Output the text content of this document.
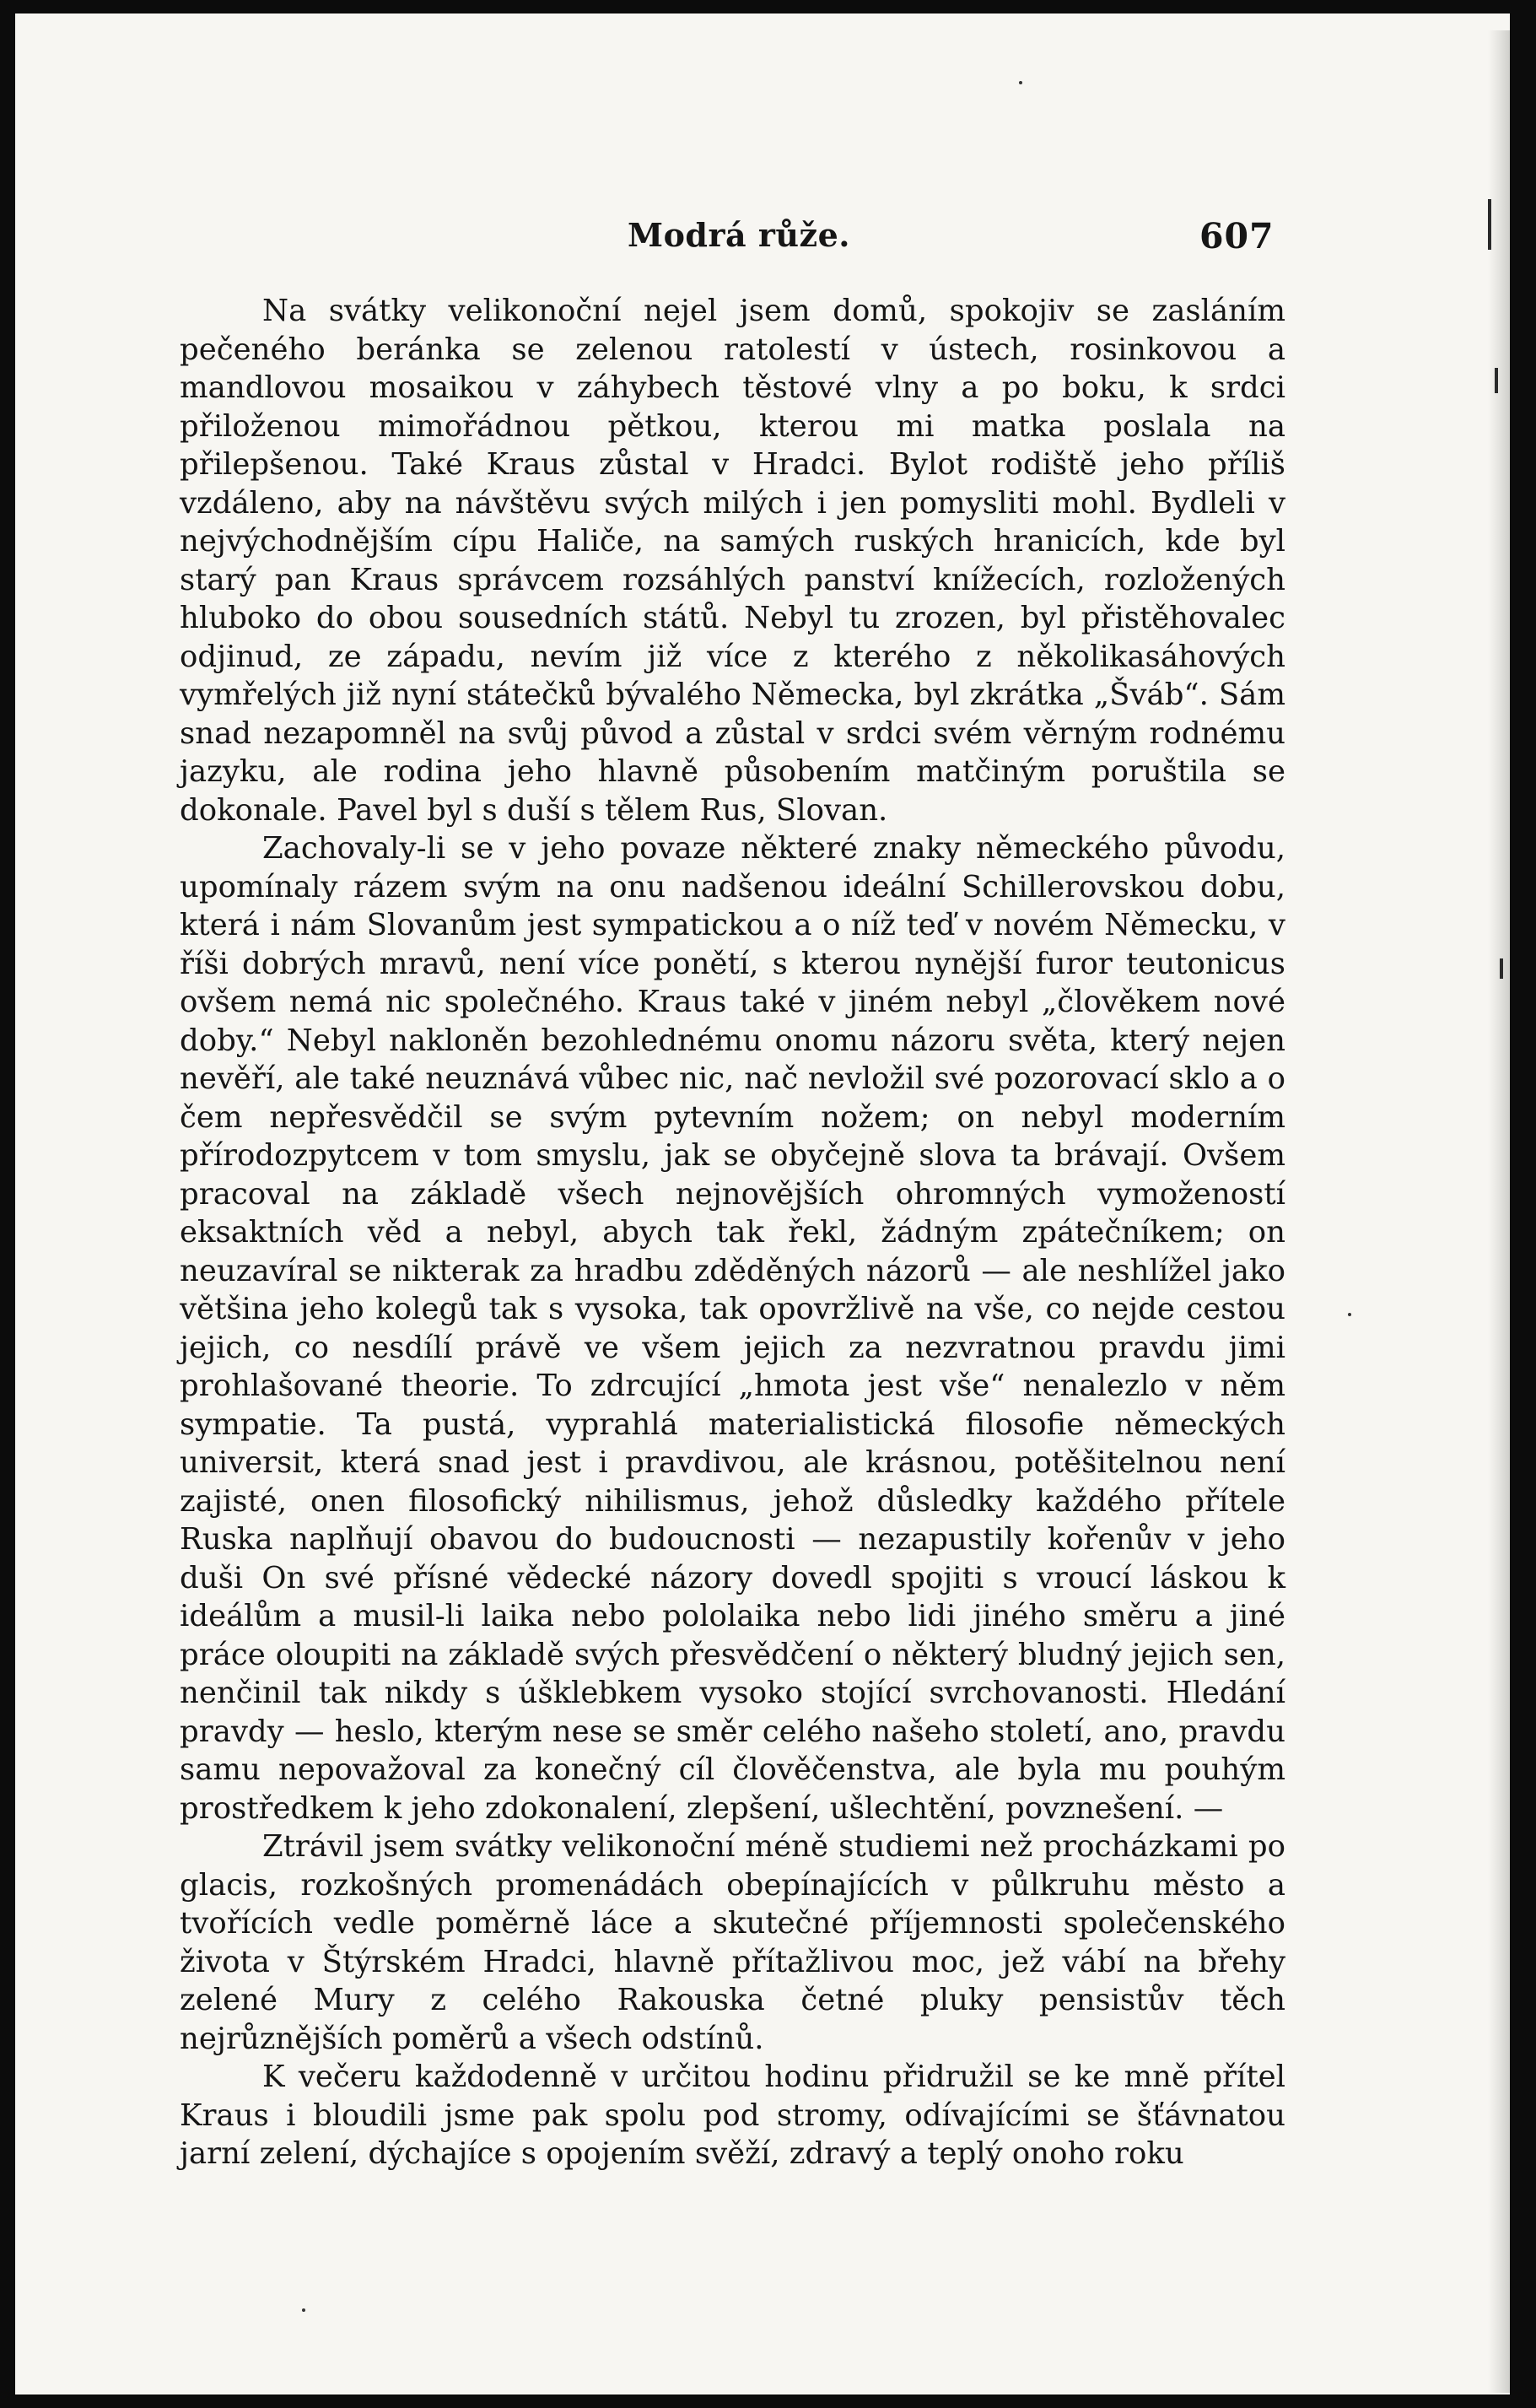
Modrá růže.	607

Na svátky velikonoční nejel jsem domů, spokojiv se zasláním pečeného beránka se zelenou ratolestí v ústech, rosinkovou a mandlovou mosaikou v záhybech těstové vlny a po boku, k srdci přiloženou mimořádnou pětkou, kterou mi matka poslala na přilepšenou. Také Kraus zůstal v Hradci. Bylot rodiště jeho příliš vzdáleno, aby na návštěvu svých milých i jen pomysliti mohl. Bydleli v nejvýchodnějším cípu Haliče, na samých ruských hranicích, kde byl starý pan Kraus správcem rozsáhlých panství knížecích, rozložených hluboko do obou sousedních států. Nebyl tu zrozen, byl přistěhovalec odjinud, ze západu, nevím již více z kterého z několikasáhových vymřelých již nyní státečků bývalého Německa, byl zkrátka „Šváb“. Sám snad nezapomněl na svůj původ a zůstal v srdci svém věrným rodnému jazyku, ale rodina jeho hlavně působením matčiným poruštila se dokonale. Pavel byl s duší s tělem Rus, Slovan.

Zachovaly-li se v jeho povaze některé znaky německého původu, upomínaly rázem svým na onu nadšenou ideální Schillerovskou dobu, která i nám Slovanům jest sympatickou a o níž teď v novém Německu, v říši dobrých mravů, není více ponětí, s kterou nynější furor teutonicus ovšem nemá nic společného. Kraus také v jiném nebyl „člověkem nové doby.“ Nebyl nakloněn bezohlednému onomu názoru světa, který nejen nevěří, ale také neuznává vůbec nic, nač nevložil své pozorovací sklo a o čem nepřesvědčil se svým pytevním nožem; on nebyl moderním přírodozpytcem v tom smyslu, jak se obyčejně slova ta brávají. Ovšem pracoval na základě všech nejnovějších ohromných vymožeností eksaktních věd a nebyl, abych tak řekl, žádným zpátečníkem; on neuzavíral se nikterak za hradbu zděděných názorů — ale neshlížel jako většina jeho kolegů tak s vysoka, tak opovržlivě na vše, co nejde cestou jejich, co nesdílí právě ve všem jejich za nezvratnou pravdu jimi prohlašované theorie. To zdrcující „hmota jest vše“ nenalezlo v něm sympatie. Ta pustá, vyprahlá materialistická filosofie německých universit, která snad jest i pravdivou, ale krásnou, potěšitelnou není zajisté, onen filosofický nihilismus, jehož důsledky každého přítele Ruska naplňují obavou do budoucnosti — nezapustily kořenův v jeho duši On své přísné vědecké názory dovedl spojiti s vroucí láskou k ideálům a musil-li laika nebo pololaika nebo lidi jiného směru a jiné práce oloupiti na základě svých přesvědčení o některý bludný jejich sen, nenčinil tak nikdy s úšklebkem vysoko stojící svrchovanosti. Hledání pravdy — heslo, kterým nese se směr celého našeho století, ano, pravdu samu nepovažoval za konečný cíl člověčenstva, ale byla mu pouhým prostředkem k jeho zdokonalení, zlepšení, ušlechtění, povznešení. —

Ztrávil jsem svátky velikonoční méně studiemi než procházkami po glacis, rozkošných promenádách obepínajících v půlkruhu město a tvořících vedle poměrně láce a skutečné příjemnosti společenského života v Štýrském Hradci, hlavně přítažlivou moc, jež vábí na břehy zelené Mury z celého Rakouska četné pluky pensistův těch nejrůznějších poměrů a všech odstínů.

K večeru každodenně v určitou hodinu přidružil se ke mně přítel Kraus i bloudili jsme pak spolu pod stromy, odívajícími se šťávnatou jarní zelení, dýchajíce s opojením svěží, zdravý a teplý onoho roku
